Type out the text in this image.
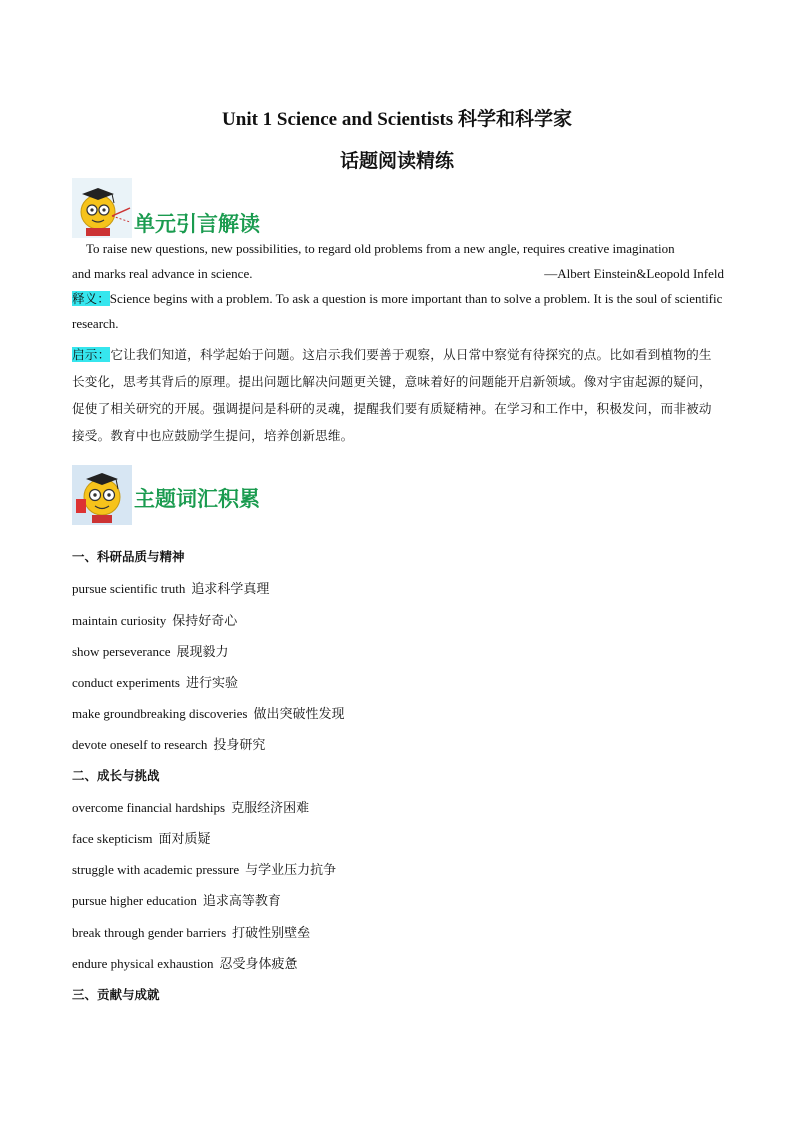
Unit 1 Science and Scientists 科学和科学家
话题阅读精练
单元引言解读
To raise new questions, new possibilities, to regard old problems from a new angle, requires creative imagination
and marks real advance in science.	—Albert Einstein&Leopold Infeld
释义：Science begins with a problem. To ask a question is more important than to solve a problem. It is the soul of scientific research.
启示：它让我们知道，科学起始于问题。这启示我们要善于观察，从日常中察觉有待探究的点。比如看到植物的生长变化，思考其背后的原理。提出问题比解决问题更关键，意味着好的问题能开启新领域。像对宇宙起源的疑问，促使了相关研究的开展。强调提问是科研的灵魂，提醒我们要有质疑精神。在学习和工作中，积极发问，而非被动接受。教育中也应鼓励学生提问，培养创新思维。
主题词汇积累
一、科研品质与精神
pursue scientific truth 追求科学真理
maintain curiosity 保持好奇心
show perseverance 展现毅力
conduct experiments 进行实验
make groundbreaking discoveries 做出突破性发现
devote oneself to research 投身研究
二、成长与挑战
overcome financial hardships 克服经济困难
face skepticism 面对质疑
struggle with academic pressure 与学业压力抗争
pursue higher education 追求高等教育
break through gender barriers 打破性别壁垒
endure physical exhaustion 忍受身体疲惫
三、贡献与成就
